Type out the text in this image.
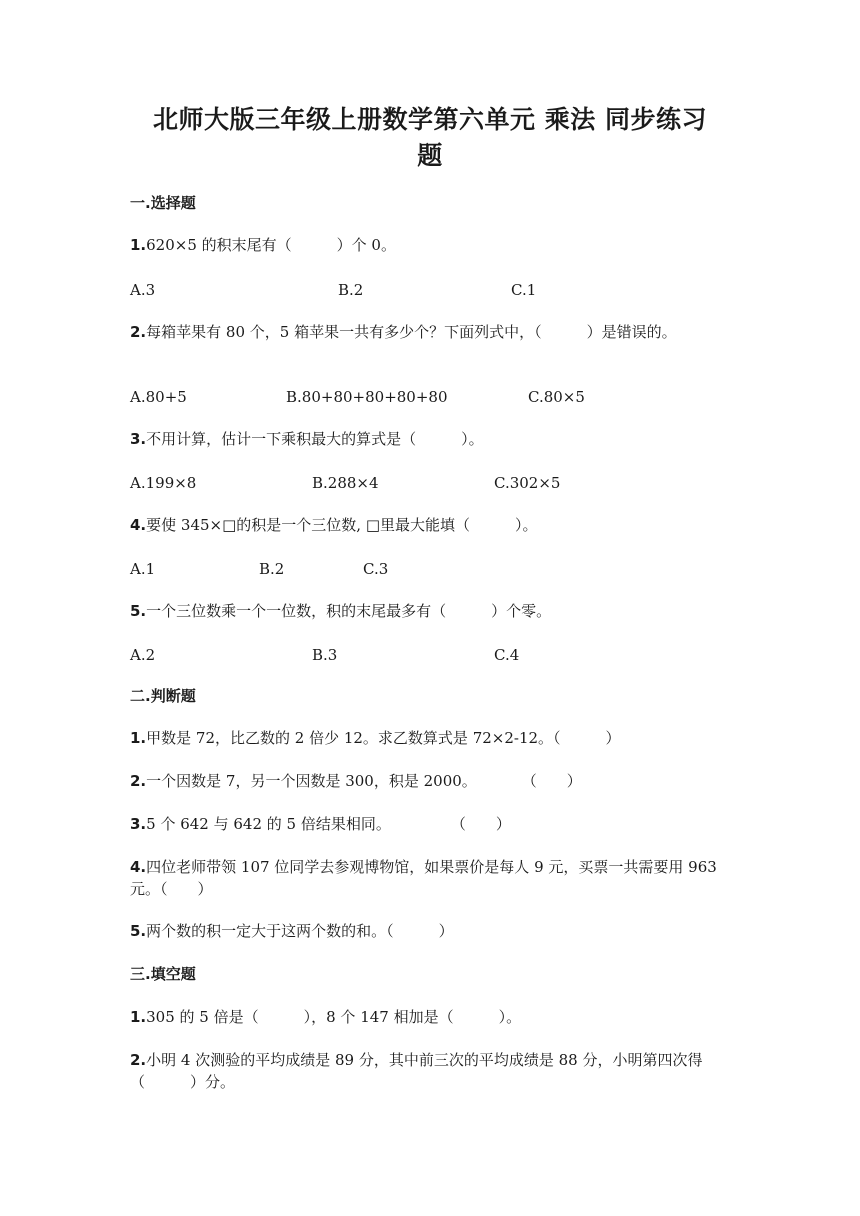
北师大版三年级上册数学第六单元 乘法 同步练习
题
一.选择题
1.620×5 的积末尾有（　　　）个 0。
A.3	B.2	C.1
2.每箱苹果有 80 个，5 箱苹果一共有多少个？下面列式中，（　　　）是错误的。
A.80+5	B.80+80+80+80+80	C.80×5
3.不用计算，估计一下乘积最大的算式是（　　　）。
A.199×8	B.288×4	C.302×5
4.要使 345×□的积是一个三位数, □里最大能填（　　　）。
A.1	B.2	C.3
5.一个三位数乘一个一位数，积的末尾最多有（　　　）个零。
A.2	B.3	C.4
二.判断题
1.甲数是 72，比乙数的 2 倍少 12。求乙数算式是 72×2-12。（　　　）
2.一个因数是 7，另一个因数是 300，积是 2000。　　　　（　　）
3.5 个 642 与 642 的 5 倍结果相同。　　　　　（　　）
4.四位老师带领 107 位同学去参观博物馆，如果票价是每人 9 元，买票一共需要用 963 元。（　　）
5.两个数的积一定大于这两个数的和。（　　　）
三.填空题
1.305 的 5 倍是（　　　），8 个 147 相加是（　　　）。
2.小明 4 次测验的平均成绩是 89 分，其中前三次的平均成绩是 88 分，小明第四次得（　　　）分。
